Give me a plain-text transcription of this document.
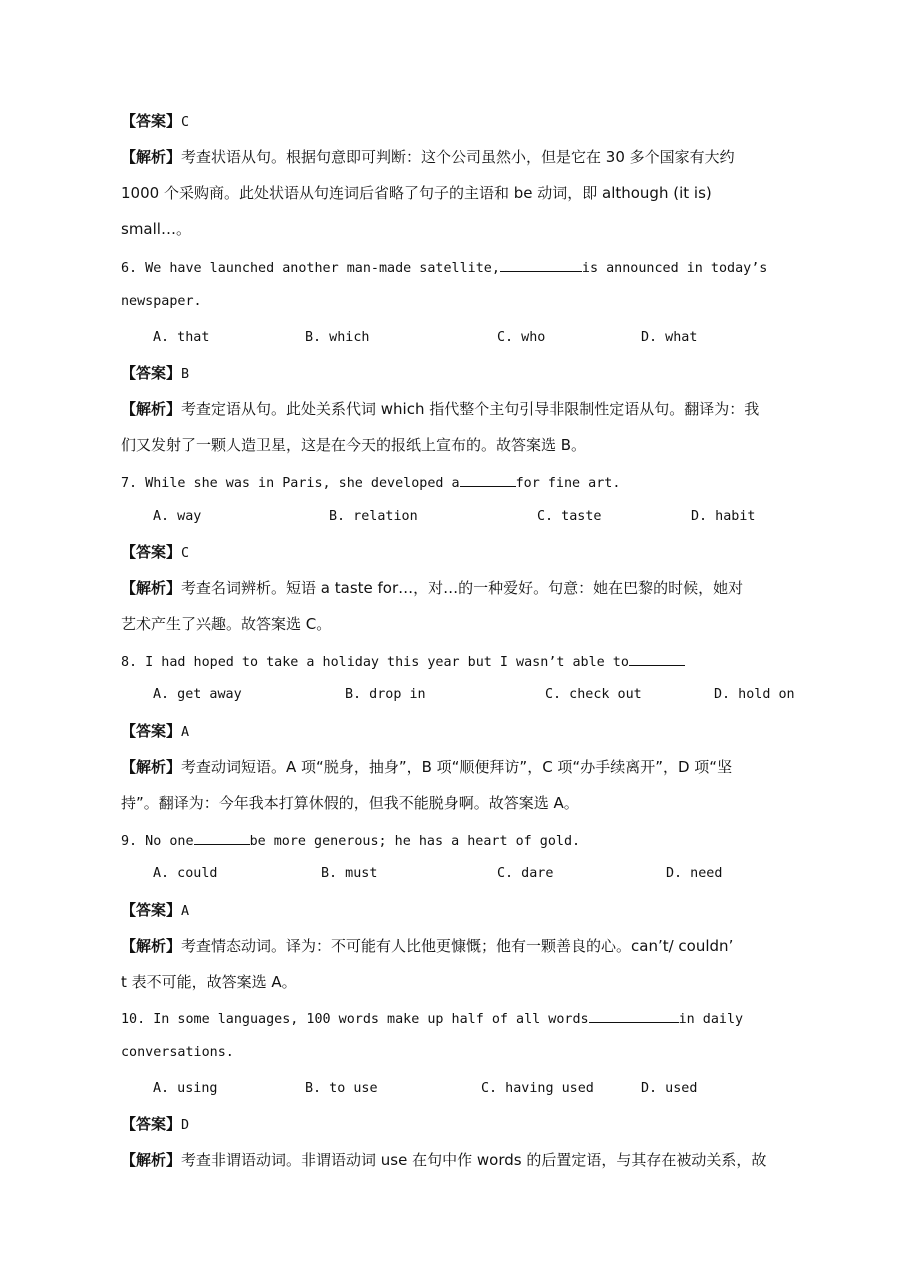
【答案】C
【解析】考查状语从句。根据句意即可判断：这个公司虽然小，但是它在 30 多个国家有大约
1000 个采购商。此处状语从句连词后省略了句子的主语和 be 动词，即 although (it is)
small…。
6. We have launched another man-made satellite,	is announced in today’s
newspaper.
A. that	B. which	C. who	D. what
【答案】B
【解析】考查定语从句。此处关系代词 which 指代整个主句引导非限制性定语从句。翻译为：我
们又发射了一颗人造卫星，这是在今天的报纸上宣布的。故答案选 B。
7. While she was in Paris, she developed a	for fine art.
A. way	B. relation	C. taste	D. habit
【答案】C
【解析】考查名词辨析。短语 a taste for…，对…的一种爱好。句意：她在巴黎的时候，她对
艺术产生了兴趣。故答案选 C。
8. I had hoped to take a holiday this year but I wasn’t able to
A. get away	B. drop in	C. check out	D. hold on
【答案】A
【解析】考查动词短语。A 项“脱身，抽身”，B 项“顺便拜访”，C 项“办手续离开”，D 项“坚
持”。翻译为：今年我本打算休假的，但我不能脱身啊。故答案选 A。
9. No one	be more generous; he has a heart of gold.
A. could	B. must	C. dare	D. need
【答案】A
【解析】考查情态动词。译为：不可能有人比他更慷慨；他有一颗善良的心。can’t/ couldn’
t 表不可能，故答案选 A。
10. In some languages, 100 words make up half of all words	in daily
conversations.
A. using	B. to use	C. having used	D. used
【答案】D
【解析】考查非谓语动词。非谓语动词 use 在句中作 words 的后置定语，与其存在被动关系，故
